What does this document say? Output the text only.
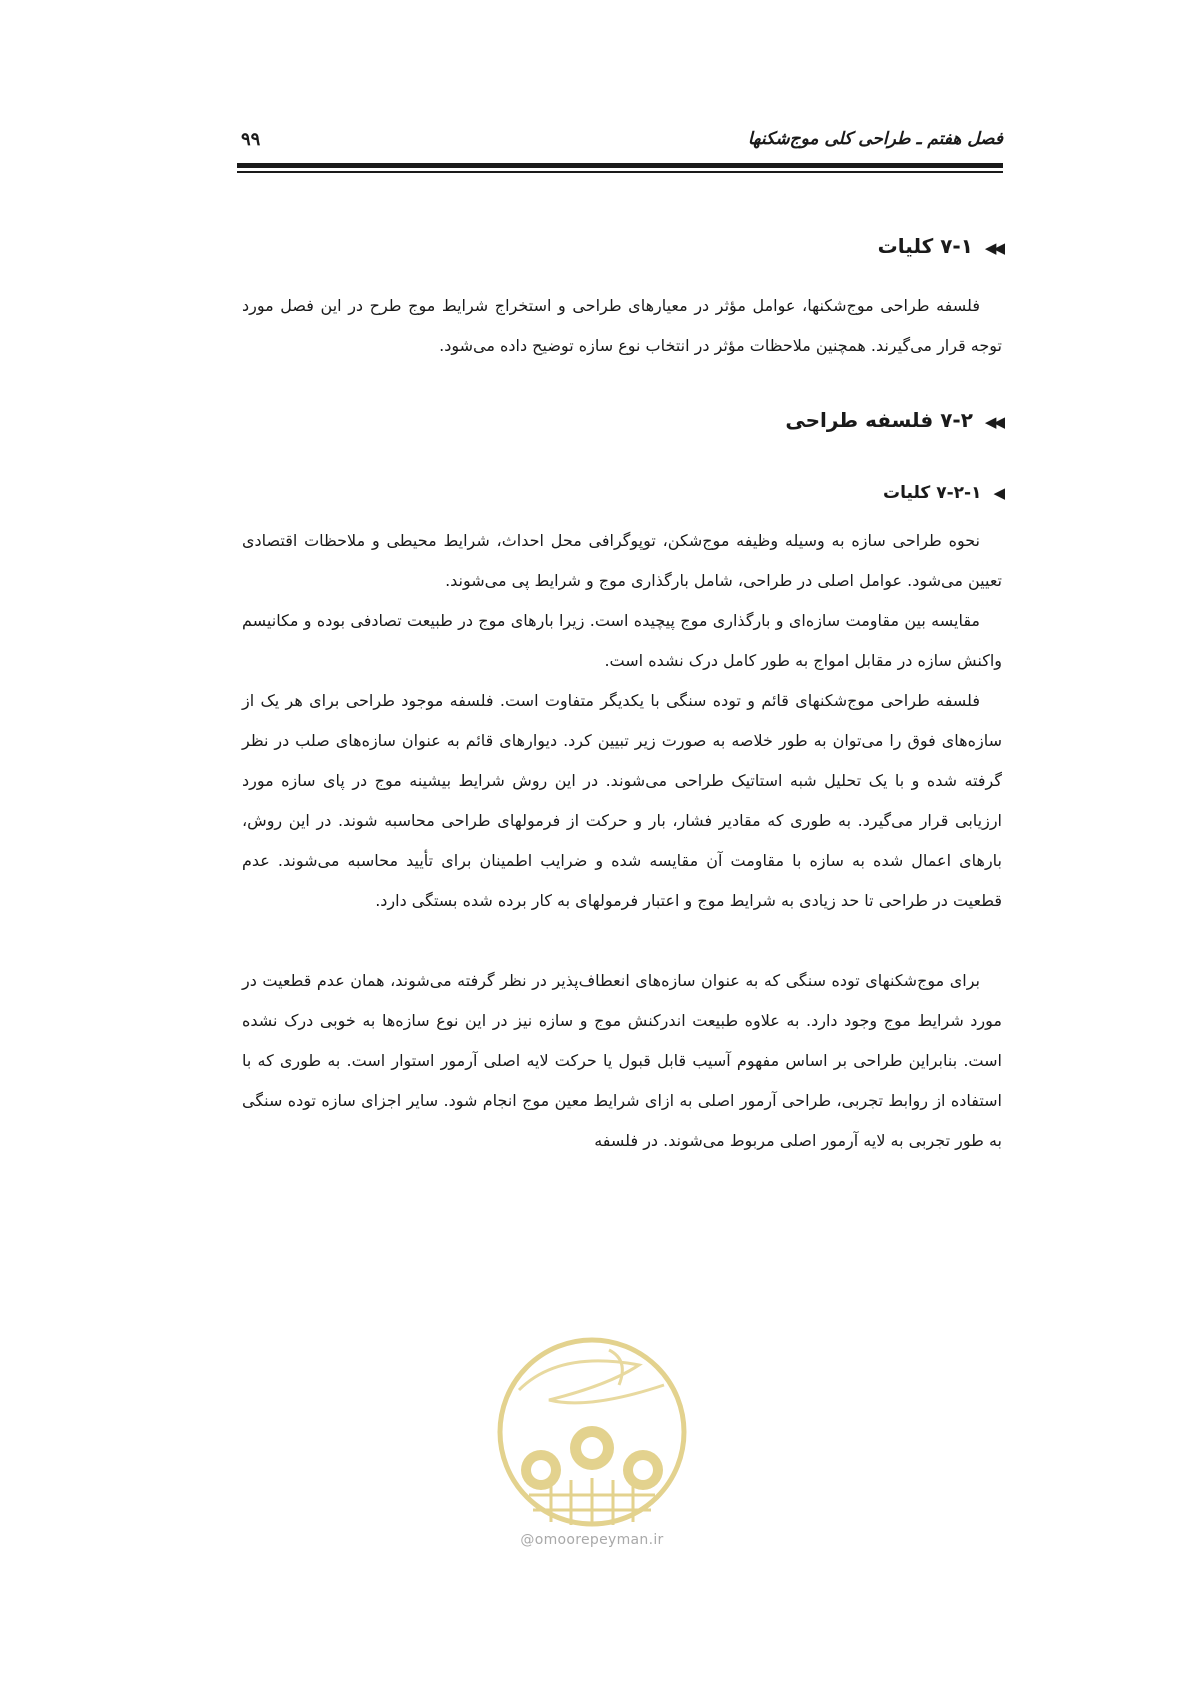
فصل هفتم ـ طراحی کلی موج‌شکنها
۹۹
◀◀۷-۱ کلیات

فلسفه طراحی موج‌شکنها، عوامل مؤثر در معیارهای طراحی و استخراج شرایط موج طرح در این فصل مورد توجه قرار می‌گیرند. همچنین ملاحظات مؤثر در انتخاب نوع سازه توضیح داده می‌شود.

◀◀۷-۲ فلسفه طراحی
◀۷-۲-۱ کلیات

نحوه طراحی سازه به وسیله وظیفه موج‌شکن، توپوگرافی محل احداث، شرایط محیطی و ملاحظات اقتصادی تعیین می‌شود. عوامل اصلی در طراحی، شامل بارگذاری موج و شرایط پی می‌شوند.

مقایسه بین مقاومت سازه‌ای و بارگذاری موج پیچیده است. زیرا بارهای موج در طبیعت تصادفی بوده و مکانیسم واکنش سازه در مقابل امواج به طور کامل درک نشده است.

فلسفه طراحی موج‌شکنهای قائم و توده سنگی با یکدیگر متفاوت است. فلسفه موجود طراحی برای هر یک از سازه‌های فوق را می‌توان به طور خلاصه به صورت زیر تبیین کرد. دیوارهای قائم به عنوان سازه‌های صلب در نظر گرفته شده و با یک تحلیل شبه استاتیک طراحی می‌شوند. در این روش شرایط بیشینه موج در پای سازه مورد ارزیابی قرار می‌گیرد. به طوری که مقادیر فشار، بار و حرکت از فرمولهای طراحی محاسبه شوند. در این روش، بارهای اعمال شده به سازه با مقاومت آن مقایسه شده و ضرایب اطمینان برای تأیید محاسبه می‌شوند. عدم قطعیت در طراحی تا حد زیادی به شرایط موج و اعتبار فرمولهای به کار برده شده بستگی دارد.

برای موج‌شکنهای توده سنگی که به عنوان سازه‌های انعطاف‌پذیر در نظر گرفته می‌شوند، همان عدم قطعیت در مورد شرایط موج وجود دارد. به علاوه طبیعت اندرکنش موج و سازه نیز در این نوع سازه‌ها به خوبی درک نشده است. بنابراین طراحی بر اساس مفهوم آسیب قابل قبول یا حرکت لایه اصلی آرمور استوار است. به طوری که با استفاده از روابط تجربی، طراحی آرمور اصلی به ازای شرایط معین موج انجام شود. سایر اجزای سازه توده سنگی به طور تجربی به لایه آرمور اصلی مربوط می‌شوند. در فلسفه

@omoorepeyman.ir
